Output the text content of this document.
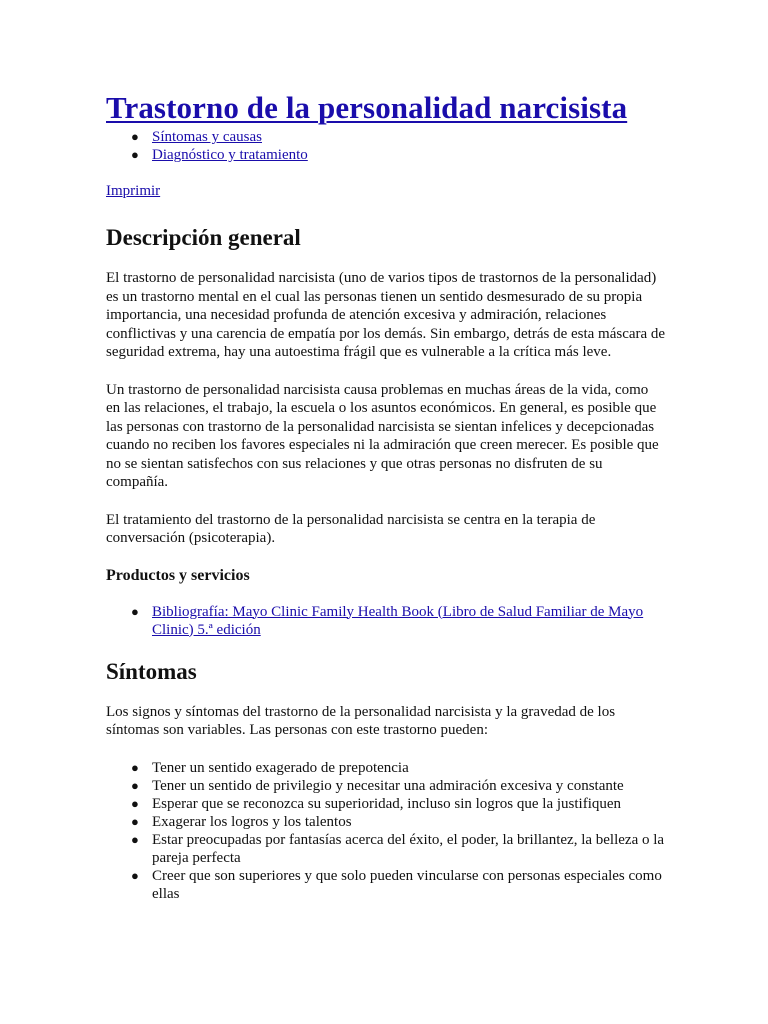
Trastorno de la personalidad narcisista
● Síntomas y causas
● Diagnóstico y tratamiento
Imprimir
Descripción general

El trastorno de personalidad narcisista (uno de varios tipos de trastornos de la personalidad) es un trastorno mental en el cual las personas tienen un sentido desmesurado de su propia importancia, una necesidad profunda de atención excesiva y admiración, relaciones conflictivas y una carencia de empatía por los demás. Sin embargo, detrás de esta máscara de seguridad extrema, hay una autoestima frágil que es vulnerable a la crítica más leve.

Un trastorno de personalidad narcisista causa problemas en muchas áreas de la vida, como en las relaciones, el trabajo, la escuela o los asuntos económicos. En general, es posible que las personas con trastorno de la personalidad narcisista se sientan infelices y decepcionadas cuando no reciben los favores especiales ni la admiración que creen merecer. Es posible que no se sientan satisfechos con sus relaciones y que otras personas no disfruten de su compañía.

El tratamiento del trastorno de la personalidad narcisista se centra en la terapia de conversación (psicoterapia).

Productos y servicios
● Bibliografía: Mayo Clinic Family Health Book (Libro de Salud Familiar de Mayo Clinic) 5.ª edición
Síntomas

Los signos y síntomas del trastorno de la personalidad narcisista y la gravedad de los síntomas son variables. Las personas con este trastorno pueden:

● Tener un sentido exagerado de prepotencia
● Tener un sentido de privilegio y necesitar una admiración excesiva y constante
● Esperar que se reconozca su superioridad, incluso sin logros que la justifiquen
● Exagerar los logros y los talentos
● Estar preocupadas por fantasías acerca del éxito, el poder, la brillantez, la belleza o la pareja perfecta
● Creer que son superiores y que solo pueden vincularse con personas especiales como ellas
